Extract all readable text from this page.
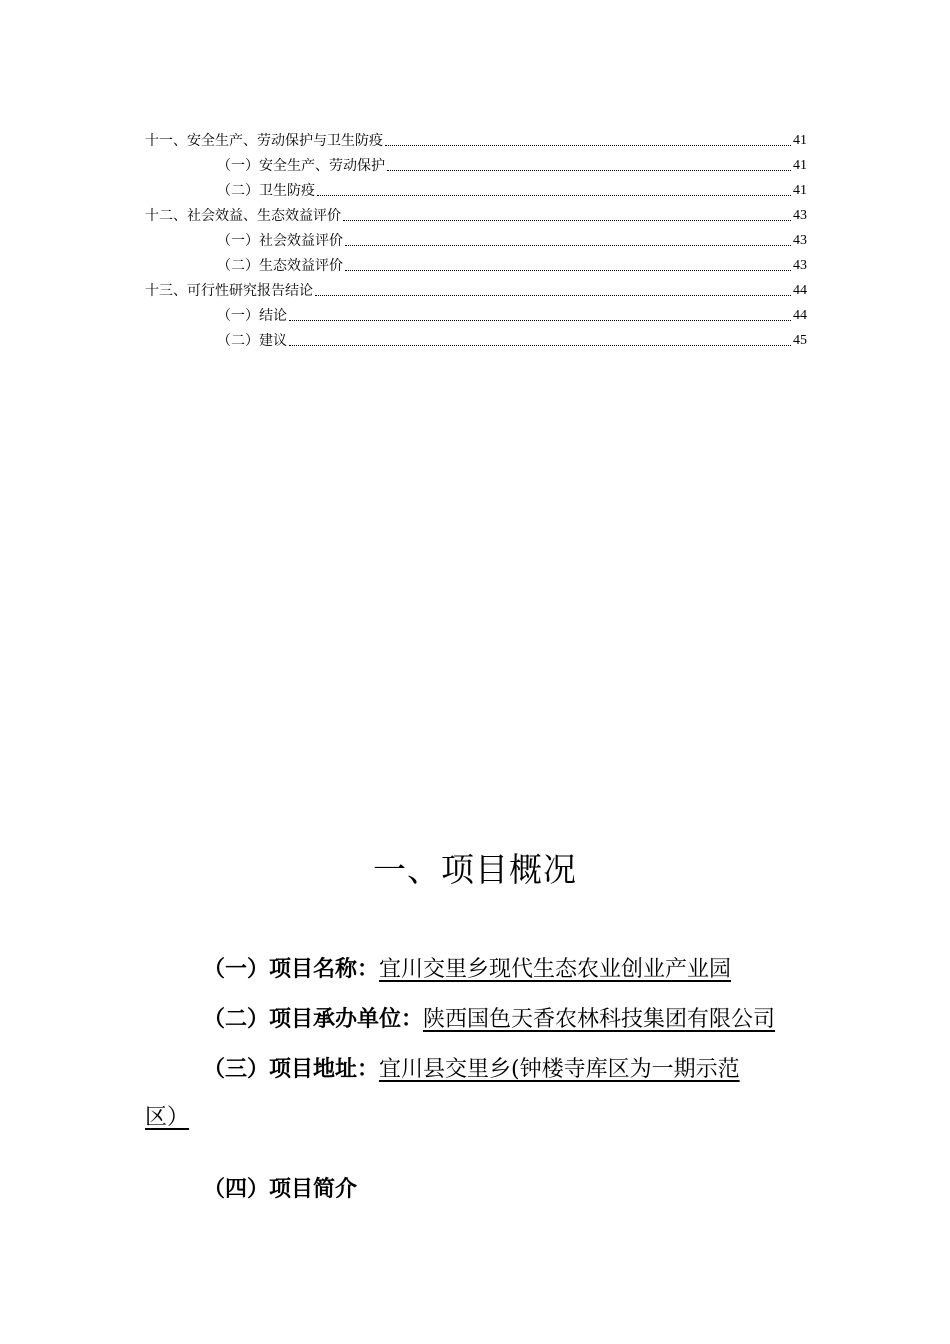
十一、安全生产、劳动保护与卫生防疫	41
（一）安全生产、劳动保护	41
（二）卫生防疫	41
十二、社会效益、生态效益评价	43
（一）社会效益评价	43
（二）生态效益评价	43
十三、可行性研究报告结论	44
（一）结论	44
（二）建议	45
一、项目概况
（一）项目名称：宜川交里乡现代生态农业创业产业园
（二）项目承办单位：陕西国色天香农林科技集团有限公司
（三）项目地址：宜川县交里乡(钟楼寺库区为一期示范
区）
（四）项目简介
